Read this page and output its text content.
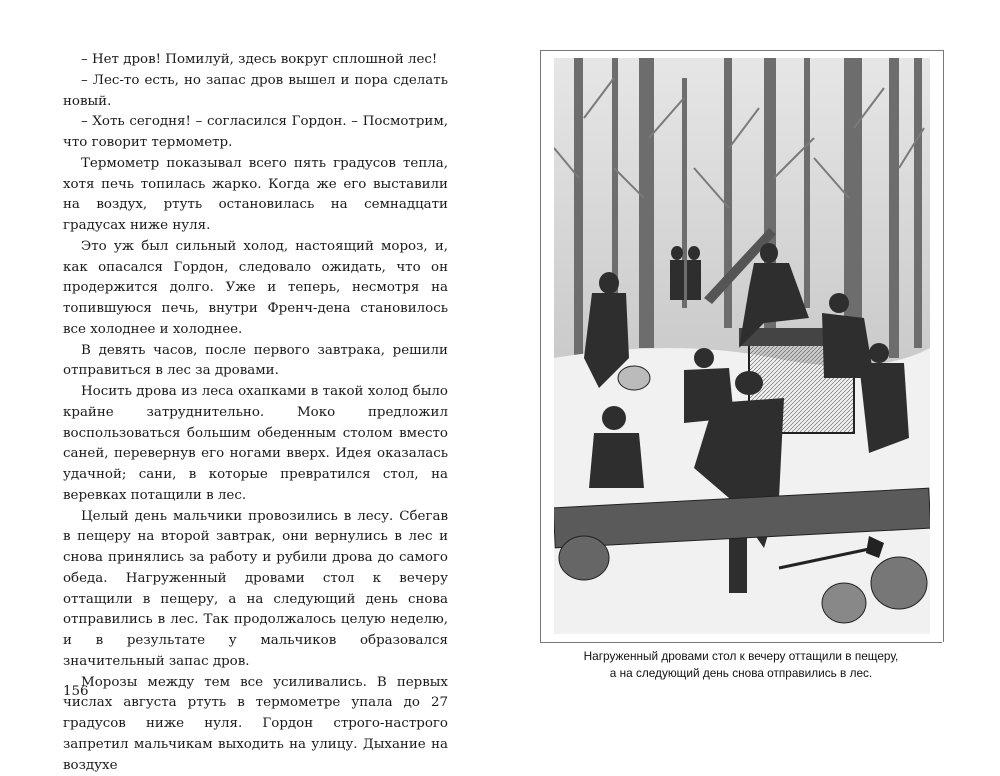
– Нет дров! Помилуй, здесь вокруг сплошной лес!

– Лес-то есть, но запас дров вышел и пора сделать новый.

– Хоть сегодня! – согласился Гордон. – Посмотрим, что говорит термометр.

Термометр показывал всего пять градусов тепла, хотя печь топилась жарко. Когда же его выставили на воздух, ртуть остановилась на семнадцати градусах ниже нуля.

Это уж был сильный холод, настоящий мороз, и, как опасался Гордон, следовало ожидать, что он продержится долго. Уже и теперь, несмотря на топившуюся печь, внутри Френч-дена становилось все холоднее и холоднее.

В девять часов, после первого завтрака, решили отправиться в лес за дровами.

Носить дрова из леса охапками в такой холод было крайне затруднительно. Моко предложил воспользоваться большим обеденным столом вместо саней, перевернув его ногами вверх. Идея оказалась удачной; сани, в которые превратился стол, на веревках потащили в лес.

Целый день мальчики провозились в лесу. Сбегав в пещеру на второй завтрак, они вернулись в лес и снова принялись за работу и рубили дрова до самого обеда. Нагруженный дровами стол к вечеру оттащили в пещеру, а на следующий день снова отправились в лес. Так продолжалось целую неделю, и в результате у мальчиков образовался значительный запас дров.

Морозы между тем все усиливались. В первых числах августа ртуть в термометре упала до 27 градусов ниже нуля. Гордон строго-настрого запретил мальчикам выходить на улицу. Дыхание на воздухе

156
Нагруженный дровами стол к вечеру оттащили в пещеру,
а на следующий день снова отправились в лес.
